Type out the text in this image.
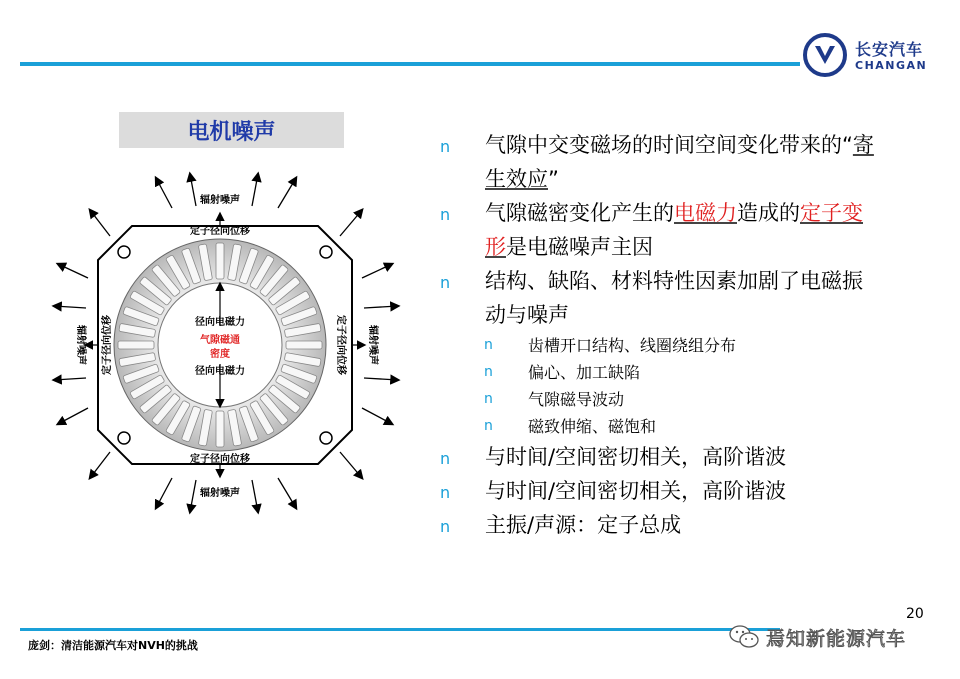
长安汽车
CHANGAN
电机噪声
辐射噪声
定子径向位移
定子径向位移
辐射噪声
径向电磁力
径向电磁力
气隙磁通
密度
辐射噪声 定子径向位移	定子径向位移 辐射噪声
n 气隙中交变磁场的时间空间变化带来的“寄生效应”
n 气隙磁密变化产生的电磁力造成的定子变形是电磁噪声主因
n 结构、缺陷、材料特性因素加剧了电磁振动与噪声
n 齿槽开口结构、线圈绕组分布
n 偏心、加工缺陷
n 气隙磁导波动
n 磁致伸缩、磁饱和
n 与时间/空间密切相关，高阶谐波
n 与时间/空间密切相关，高阶谐波
n 主振/声源：定子总成
20
庞剑：清洁能源汽车对NVH的挑战	焉知新能源汽车
